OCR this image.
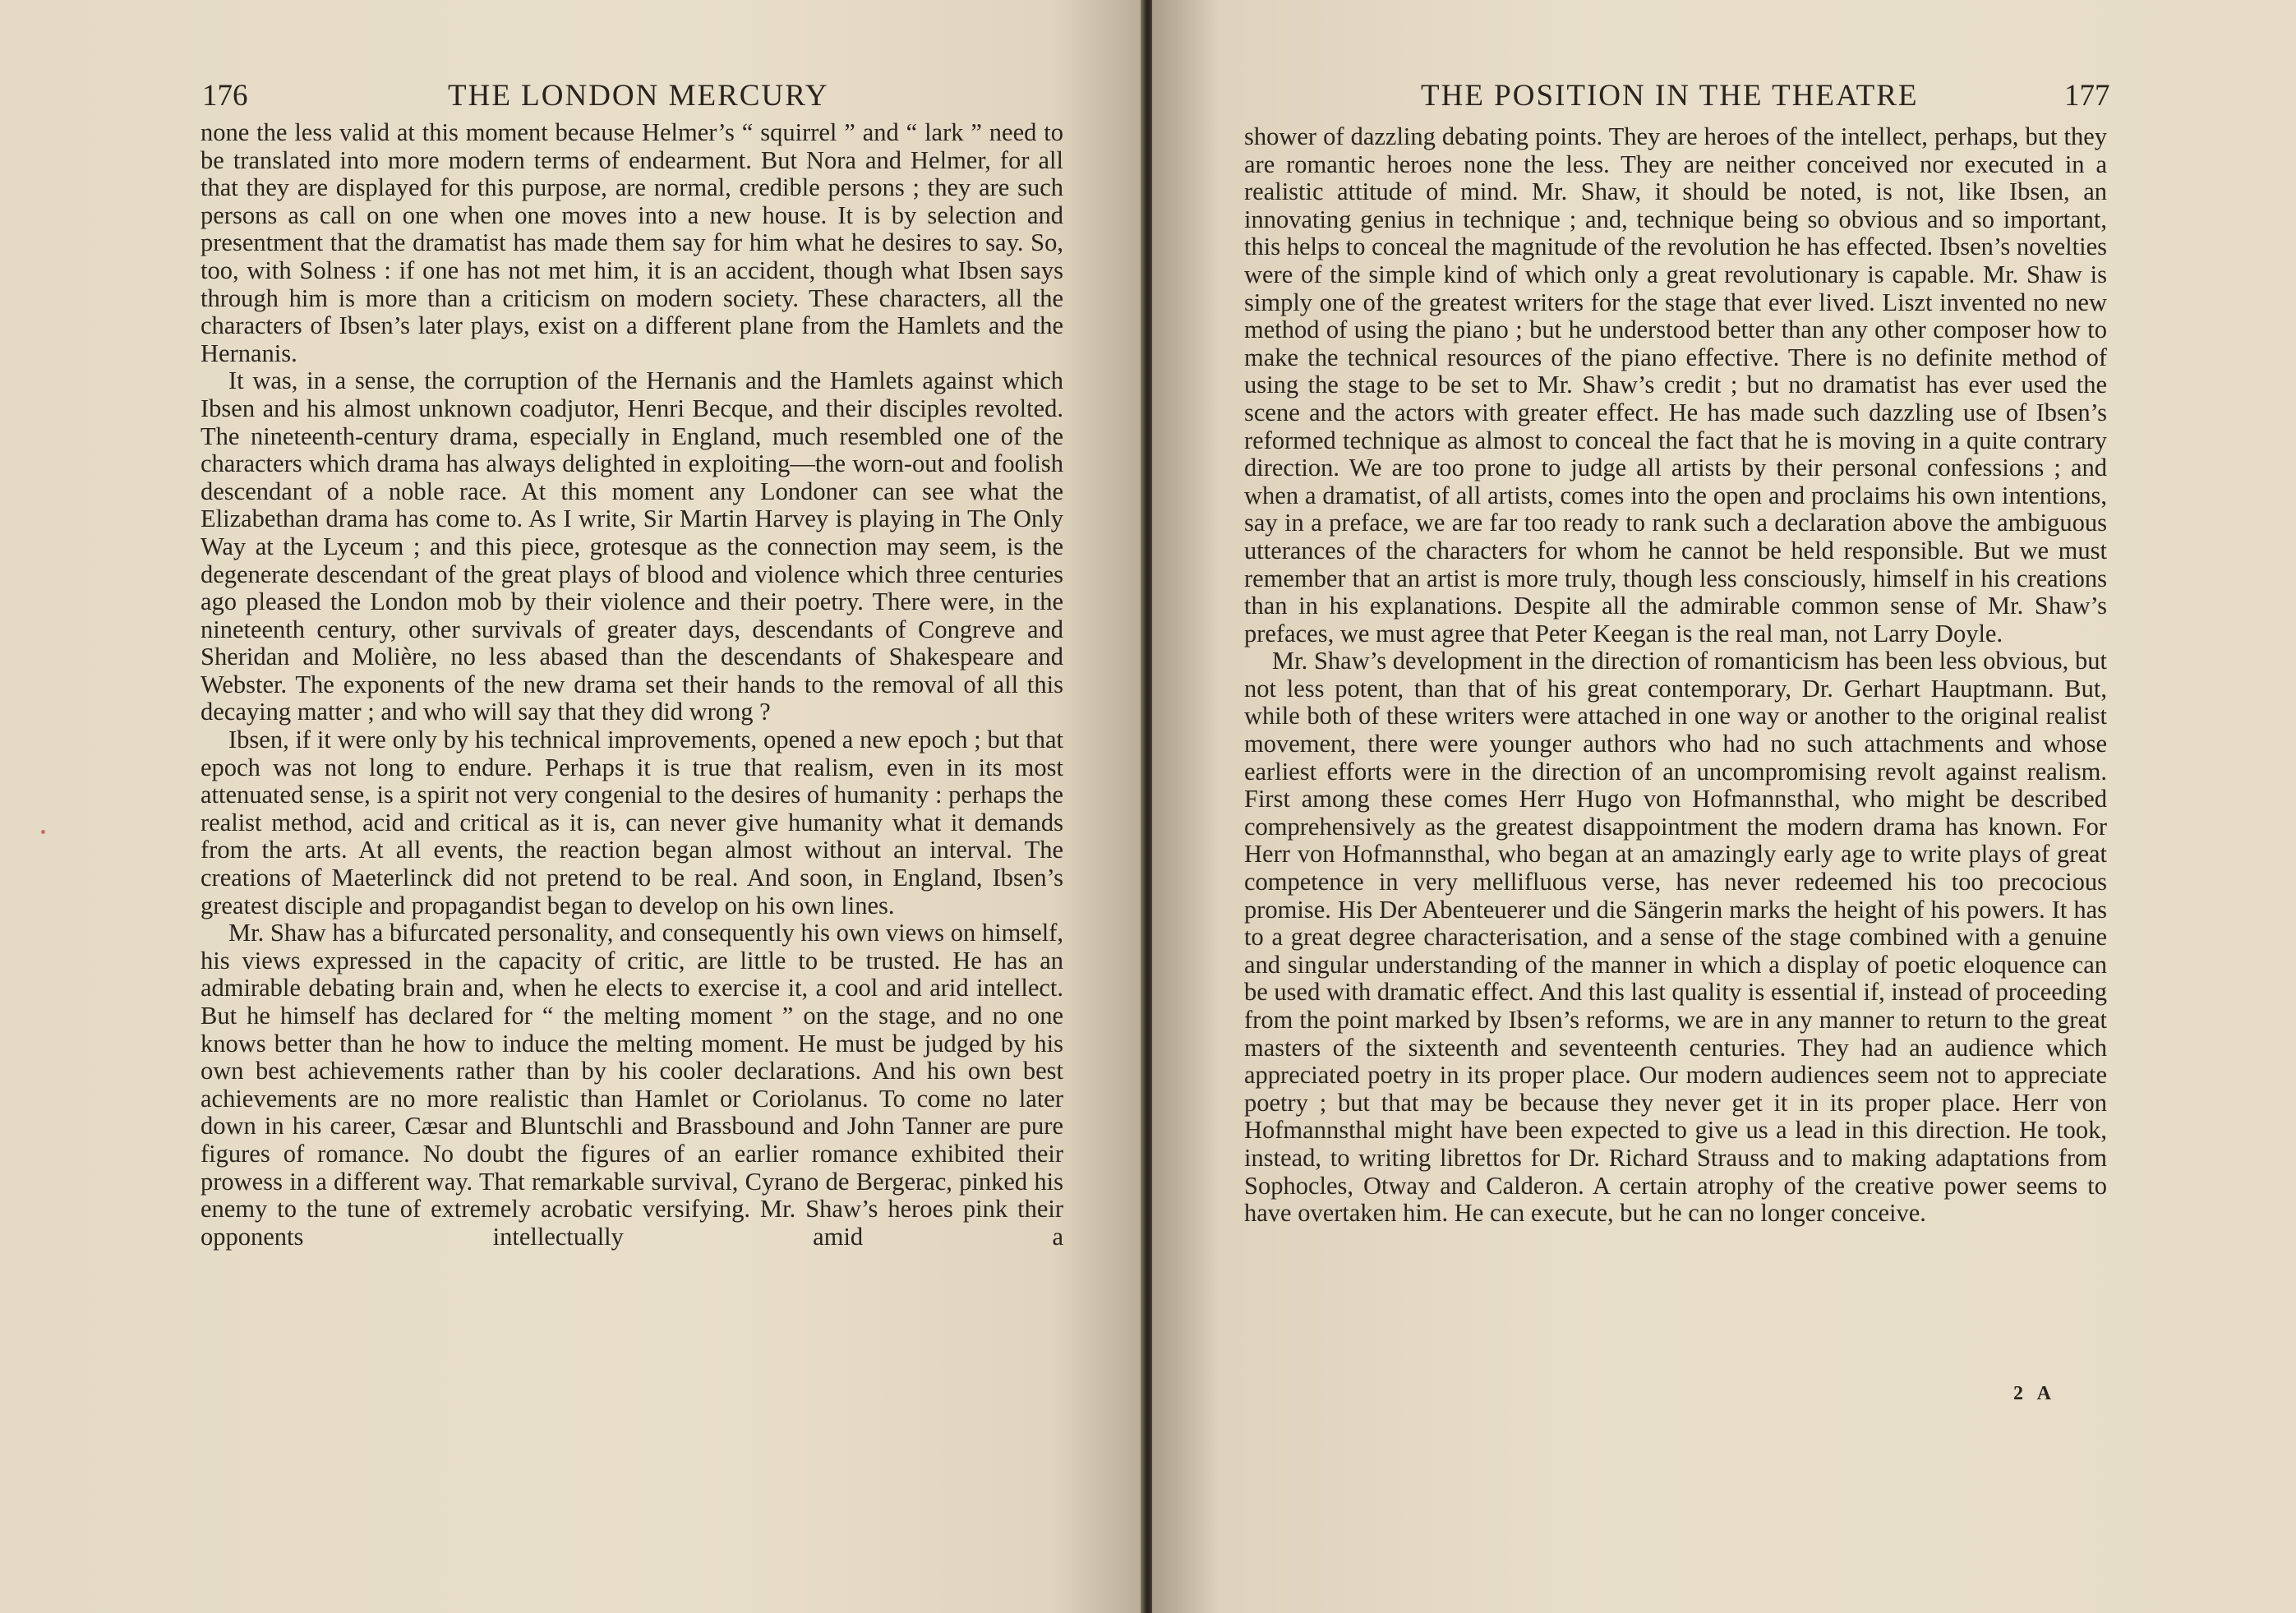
176	THE LONDON MERCURY

none the less valid at this moment because Helmer’s “ squirrel ” and “ lark ” need to be translated into more modern terms of endearment. But Nora and Helmer, for all that they are displayed for this purpose, are normal, credible persons ; they are such persons as call on one when one moves into a new house. It is by selection and presentment that the dramatist has made them say for him what he desires to say. So, too, with Solness : if one has not met him, it is an accident, though what Ibsen says through him is more than a criticism on modern society. These characters, all the characters of Ibsen’s later plays, exist on a different plane from the Hamlets and the Hernanis.

It was, in a sense, the corruption of the Hernanis and the Hamlets against which Ibsen and his almost unknown coadjutor, Henri Becque, and their disciples revolted. The nineteenth-century drama, especially in England, much resembled one of the characters which drama has always delighted in exploiting—the worn-out and foolish descendant of a noble race. At this moment any Londoner can see what the Elizabethan drama has come to. As I write, Sir Martin Harvey is playing in The Only Way at the Lyceum ; and this piece, grotesque as the connection may seem, is the degenerate descendant of the great plays of blood and violence which three centuries ago pleased the London mob by their violence and their poetry. There were, in the nineteenth century, other survivals of greater days, descendants of Congreve and Sheridan and Molière, no less abased than the descendants of Shakespeare and Webster. The exponents of the new drama set their hands to the removal of all this decaying matter ; and who will say that they did wrong ?

Ibsen, if it were only by his technical improvements, opened a new epoch ; but that epoch was not long to endure. Perhaps it is true that realism, even in its most attenuated sense, is a spirit not very congenial to the desires of humanity : perhaps the realist method, acid and critical as it is, can never give humanity what it demands from the arts. At all events, the reaction began almost without an interval. The creations of Maeterlinck did not pretend to be real. And soon, in England, Ibsen’s greatest disciple and propagandist began to develop on his own lines.

Mr. Shaw has a bifurcated personality, and consequently his own views on himself, his views expressed in the capacity of critic, are little to be trusted. He has an admirable debating brain and, when he elects to exercise it, a cool and arid intellect. But he himself has declared for “ the melting moment ” on the stage, and no one knows better than he how to induce the melting moment. He must be judged by his own best achievements rather than by his cooler declarations. And his own best achievements are no more realistic than Hamlet or Coriolanus. To come no later down in his career, Cæsar and Bluntschli and Brassbound and John Tanner are pure figures of romance. No doubt the figures of an earlier romance exhibited their prowess in a different way. That remarkable survival, Cyrano de Bergerac, pinked his enemy to the tune of extremely acrobatic versifying. Mr. Shaw’s heroes pink their opponents intellectually amid a

THE POSITION IN THE THEATRE	177

shower of dazzling debating points. They are heroes of the intellect, perhaps, but they are romantic heroes none the less. They are neither conceived nor executed in a realistic attitude of mind. Mr. Shaw, it should be noted, is not, like Ibsen, an innovating genius in technique ; and, technique being so obvious and so important, this helps to conceal the magnitude of the revolution he has effected. Ibsen’s novelties were of the simple kind of which only a great revolutionary is capable. Mr. Shaw is simply one of the greatest writers for the stage that ever lived. Liszt invented no new method of using the piano ; but he understood better than any other composer how to make the technical resources of the piano effective. There is no definite method of using the stage to be set to Mr. Shaw’s credit ; but no dramatist has ever used the scene and the actors with greater effect. He has made such dazzling use of Ibsen’s reformed technique as almost to conceal the fact that he is moving in a quite contrary direction. We are too prone to judge all artists by their personal confessions ; and when a dramatist, of all artists, comes into the open and proclaims his own intentions, say in a preface, we are far too ready to rank such a declaration above the ambiguous utterances of the characters for whom he cannot be held responsible. But we must remember that an artist is more truly, though less consciously, himself in his creations than in his explanations. Despite all the admirable common sense of Mr. Shaw’s prefaces, we must agree that Peter Keegan is the real man, not Larry Doyle.

Mr. Shaw’s development in the direction of romanticism has been less obvious, but not less potent, than that of his great contemporary, Dr. Gerhart Hauptmann. But, while both of these writers were attached in one way or another to the original realist movement, there were younger authors who had no such attachments and whose earliest efforts were in the direction of an uncompromising revolt against realism. First among these comes Herr Hugo von Hofmannsthal, who might be described comprehensively as the greatest disappointment the modern drama has known. For Herr von Hofmannsthal, who began at an amazingly early age to write plays of great competence in very mellifluous verse, has never redeemed his too precocious promise. His Der Abenteuerer und die Sängerin marks the height of his powers. It has to a great degree characterisation, and a sense of the stage combined with a genuine and singular understanding of the manner in which a display of poetic eloquence can be used with dramatic effect. And this last quality is essential if, instead of proceeding from the point marked by Ibsen’s reforms, we are in any manner to return to the great masters of the sixteenth and seventeenth centuries. They had an audience which appreciated poetry in its proper place. Our modern audiences seem not to appreciate poetry ; but that may be because they never get it in its proper place. Herr von Hofmannsthal might have been expected to give us a lead in this direction. He took, instead, to writing librettos for Dr. Richard Strauss and to making adaptations from Sophocles, Otway and Calderon. A certain atrophy of the creative power seems to have overtaken him. He can execute, but he can no longer conceive.

2 A
